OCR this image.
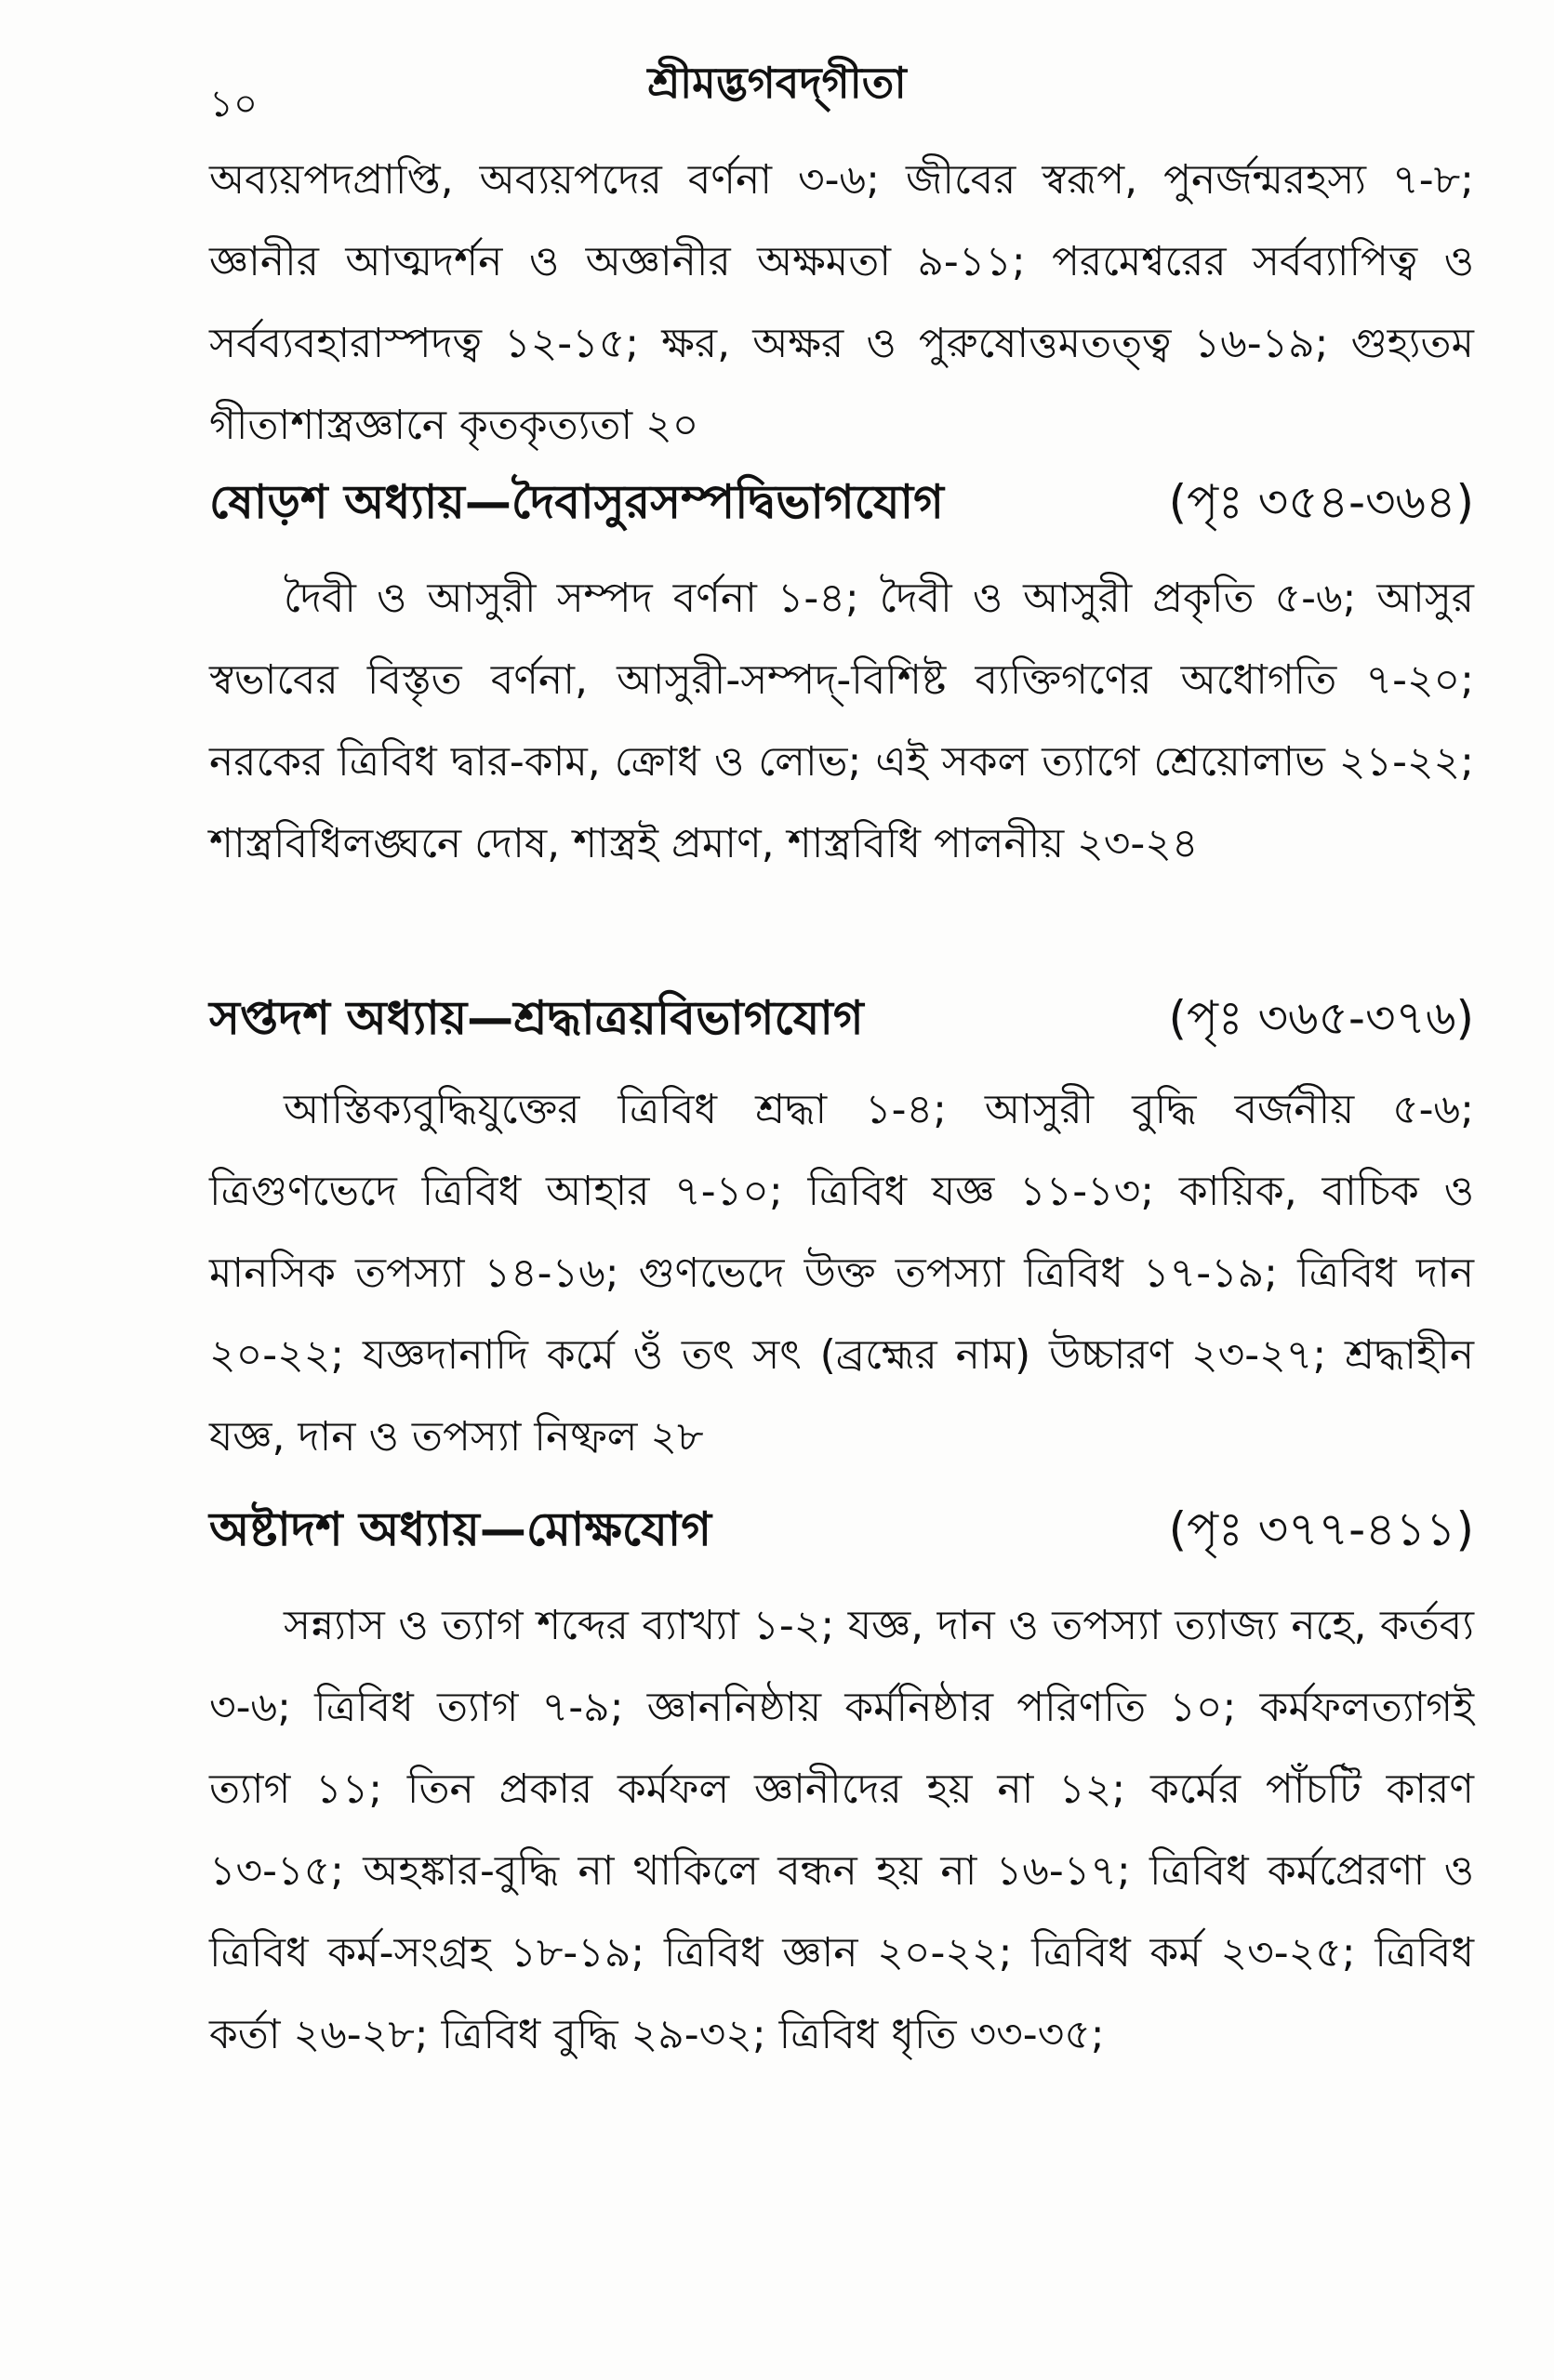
১০	শ্রীমদ্ভগবদ্‌গীতা

অব্যয়পদপ্রাপ্তি, অব্যয়পদের বর্ণনা ৩-৬; জীবের স্বরূপ, পুনর্জন্মরহস্য ৭-৮; জ্ঞানীর আত্মদর্শন ও অজ্ঞানীর অক্ষমতা ৯-১১; পরমেশ্বরের সর্বব্যাপিত্ব ও সর্বব্যবহারাস্পদত্ব ১২-১৫; ক্ষর, অক্ষর ও পুরুষোত্তমতত্ত্ব ১৬-১৯; গুহ্যতম গীতাশাস্ত্রজ্ঞানে কৃতকৃত্যতা ২০

ষোড়শ অধ্যায়—দৈবাসুরসম্পদ্বিভাগযোগ	(পৃঃ ৩৫৪-৩৬৪)

দৈবী ও আসুরী সম্পদ বর্ণনা ১-৪; দৈবী ও আসুরী প্রকৃতি ৫-৬; আসুর স্বভাবের বিস্তৃত বর্ণনা, আসুরী-সম্পদ্‌-বিশিষ্ট ব্যক্তিগণের অধোগতি ৭-২০; নরকের ত্রিবিধ দ্বার-কাম, ক্রোধ ও লোভ; এই সকল ত্যাগে শ্রেয়োলাভ ২১-২২; শাস্ত্রবিধিলঙ্ঘনে দোষ, শাস্ত্রই প্রমাণ, শাস্ত্রবিধি পালনীয় ২৩-২৪

সপ্তদশ অধ্যায়—শ্রদ্ধাত্রয়বিভাগযোগ	(পৃঃ ৩৬৫-৩৭৬)

আস্তিক্যবুদ্ধিযুক্তের ত্রিবিধ শ্রদ্ধা ১-৪; আসুরী বুদ্ধি বর্জনীয় ৫-৬; ত্রিগুণভেদে ত্রিবিধ আহার ৭-১০; ত্রিবিধ যজ্ঞ ১১-১৩; কায়িক, বাচিক ও মানসিক তপস্যা ১৪-১৬; গুণভেদে উক্ত তপস্যা ত্রিবিধ ১৭-১৯; ত্রিবিধ দান ২০-২২; যজ্ঞদানাদি কর্মে ওঁ তৎ সৎ (ব্রহ্মের নাম) উচ্চারণ ২৩-২৭; শ্রদ্ধাহীন যজ্ঞ, দান ও তপস্যা নিষ্ফল ২৮

অষ্টাদশ অধ্যায়—মোক্ষযোগ	(পৃঃ ৩৭৭-৪১১)

সন্ন্যাস ও ত্যাগ শব্দের ব্যাখ্যা ১-২; যজ্ঞ, দান ও তপস্যা ত্যাজ্য নহে, কর্তব্য ৩-৬; ত্রিবিধ ত্যাগ ৭-৯; জ্ঞাননিষ্ঠায় কর্মনিষ্ঠার পরিণতি ১০; কর্মফলত্যাগই ত্যাগ ১১; তিন প্রকার কর্মফল জ্ঞানীদের হয় না ১২; কর্মের পাঁচটি কারণ ১৩-১৫; অহঙ্কার-বুদ্ধি না থাকিলে বন্ধন হয় না ১৬-১৭; ত্রিবিধ কর্মপ্রেরণা ও ত্রিবিধ কর্ম-সংগ্রহ ১৮-১৯; ত্রিবিধ জ্ঞান ২০-২২; ত্রিবিধ কর্ম ২৩-২৫; ত্রিবিধ কর্তা ২৬-২৮; ত্রিবিধ বুদ্ধি ২৯-৩২; ত্রিবিধ ধৃতি ৩৩-৩৫;
